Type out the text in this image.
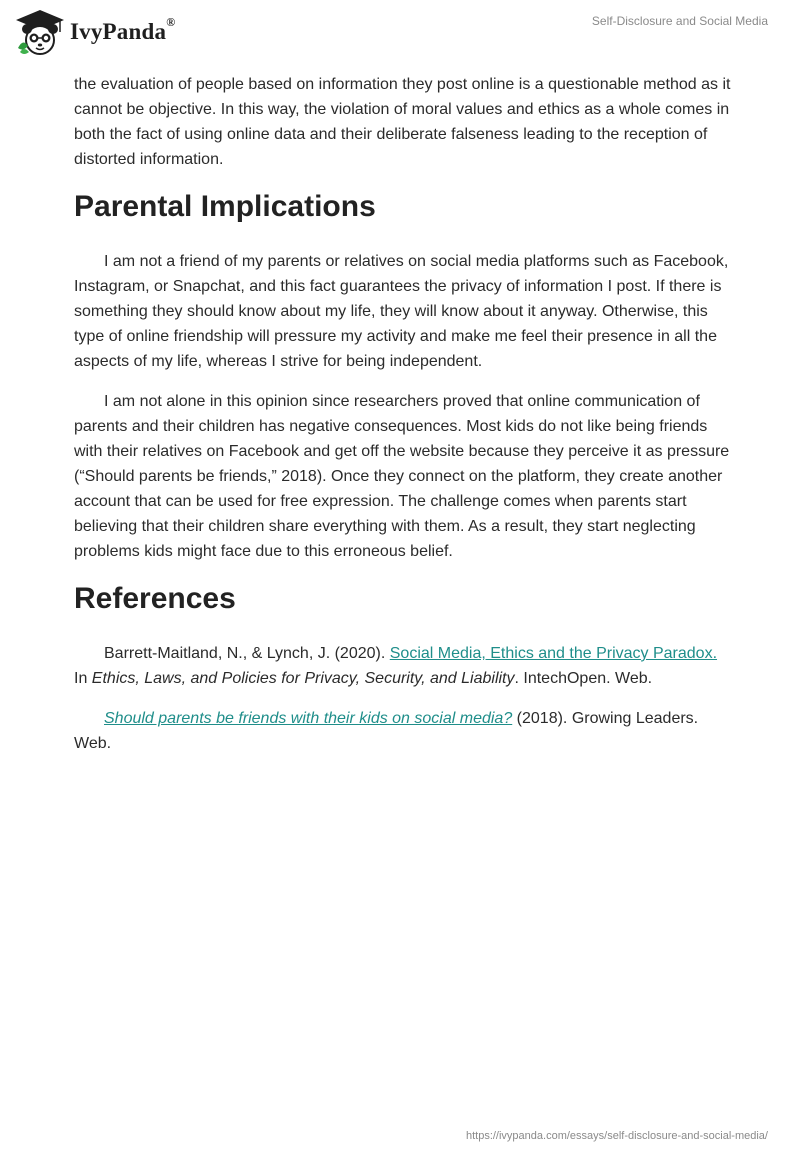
IvyPanda®	Self-Disclosure and Social Media

the evaluation of people based on information they post online is a questionable method as it cannot be objective. In this way, the violation of moral values and ethics as a whole comes in both the fact of using online data and their deliberate falseness leading to the reception of distorted information.

Parental Implications

I am not a friend of my parents or relatives on social media platforms such as Facebook, Instagram, or Snapchat, and this fact guarantees the privacy of information I post. If there is something they should know about my life, they will know about it anyway. Otherwise, this type of online friendship will pressure my activity and make me feel their presence in all the aspects of my life, whereas I strive for being independent.

I am not alone in this opinion since researchers proved that online communication of parents and their children has negative consequences. Most kids do not like being friends with their relatives on Facebook and get off the website because they perceive it as pressure (“Should parents be friends,” 2018). Once they connect on the platform, they create another account that can be used for free expression. The challenge comes when parents start believing that their children share everything with them. As a result, they start neglecting problems kids might face due to this erroneous belief.

References

Barrett-Maitland, N., & Lynch, J. (2020). Social Media, Ethics and the Privacy Paradox. In Ethics, Laws, and Policies for Privacy, Security, and Liability. IntechOpen. Web.

Should parents be friends with their kids on social media? (2018). Growing Leaders. Web.

https://ivypanda.com/essays/self-disclosure-and-social-media/
